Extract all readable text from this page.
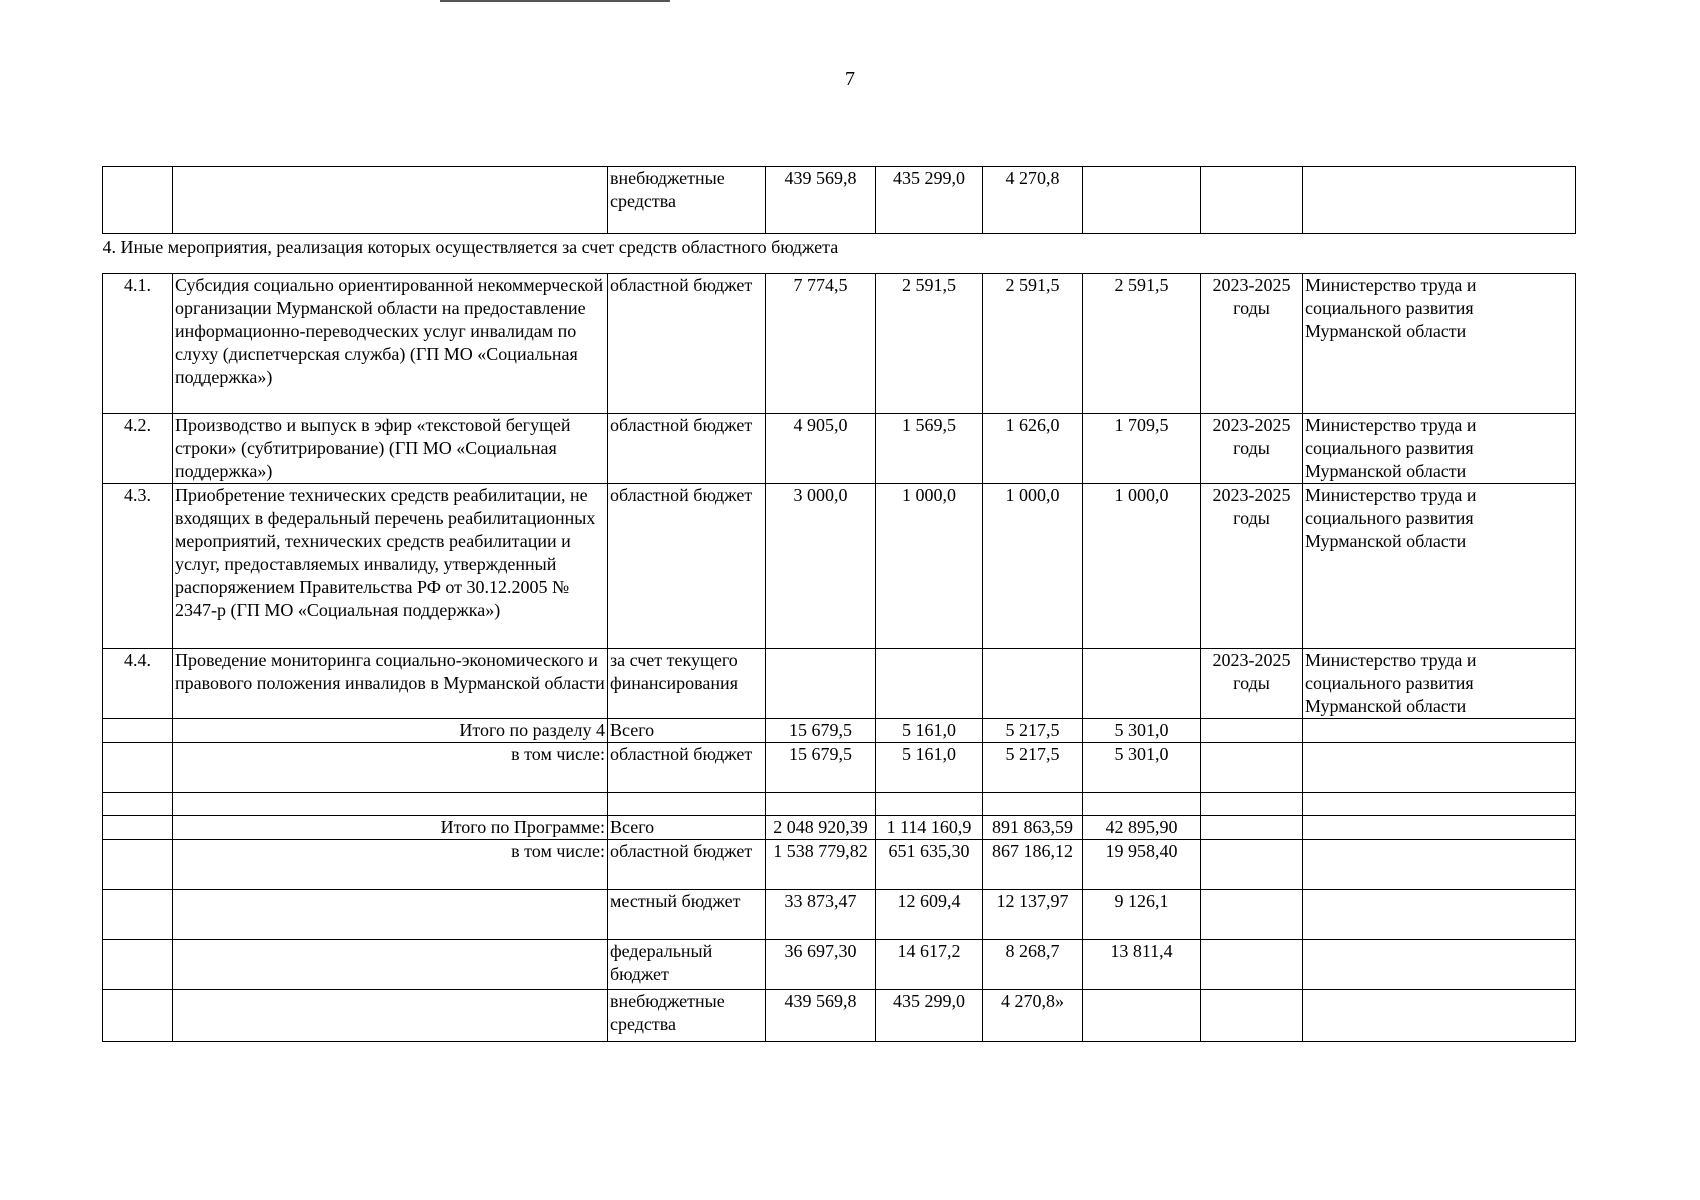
7
		внебюджетные средства	439 569,8	435 299,0	4 270,8			
4. Иные мероприятия, реализация которых осуществляется за счет средств областного бюджета								
4.1.	Субсидия социально ориентированной некоммерческой организации Мурманской области на предоставление информационно-переводческих услуг инвалидам по слуху (диспетчерская служба) (ГП МО «Социальная поддержка»)	областной бюджет	7 774,5	2 591,5	2 591,5	2 591,5	2023-2025 годы	Министерство труда и социального развития Мурманской области
4.2.	Производство и выпуск в эфир «текстовой бегущей строки» (субтитрирование) (ГП МО «Социальная поддержка»)	областной бюджет	4 905,0	1 569,5	1 626,0	1 709,5	2023-2025 годы	Министерство труда и социального развития Мурманской области
4.3.	Приобретение технических средств реабилитации, не входящих в федеральный перечень реабилитационных мероприятий, технических средств реабилитации и услуг, предоставляемых инвалиду, утвержденный распоряжением Правительства РФ от 30.12.2005 № 2347-р (ГП МО «Социальная поддержка»)	областной бюджет	3 000,0	1 000,0	1 000,0	1 000,0	2023-2025 годы	Министерство труда и социального развития Мурманской области
4.4.	Проведение мониторинга социально-экономического и правового положения инвалидов в Мурманской области	за счет текущего финансирования					2023-2025 годы	Министерство труда и социального развития Мурманской области
	Итого по разделу 4	Всего	15 679,5	5 161,0	5 217,5	5 301,0		
	в том числе:	областной бюджет	15 679,5	5 161,0	5 217,5	5 301,0		

	Итого по Программе:	Всего	2 048 920,39	1 114 160,9	891 863,59	42 895,90		
	в том числе:	областной бюджет	1 538 779,82	651 635,30	867 186,12	19 958,40		
		местный бюджет	33 873,47	12 609,4	12 137,97	9 126,1		
		федеральный бюджет	36 697,30	14 617,2	8 268,7	13 811,4		
		внебюджетные средства	439 569,8	435 299,0	4 270,8»			
